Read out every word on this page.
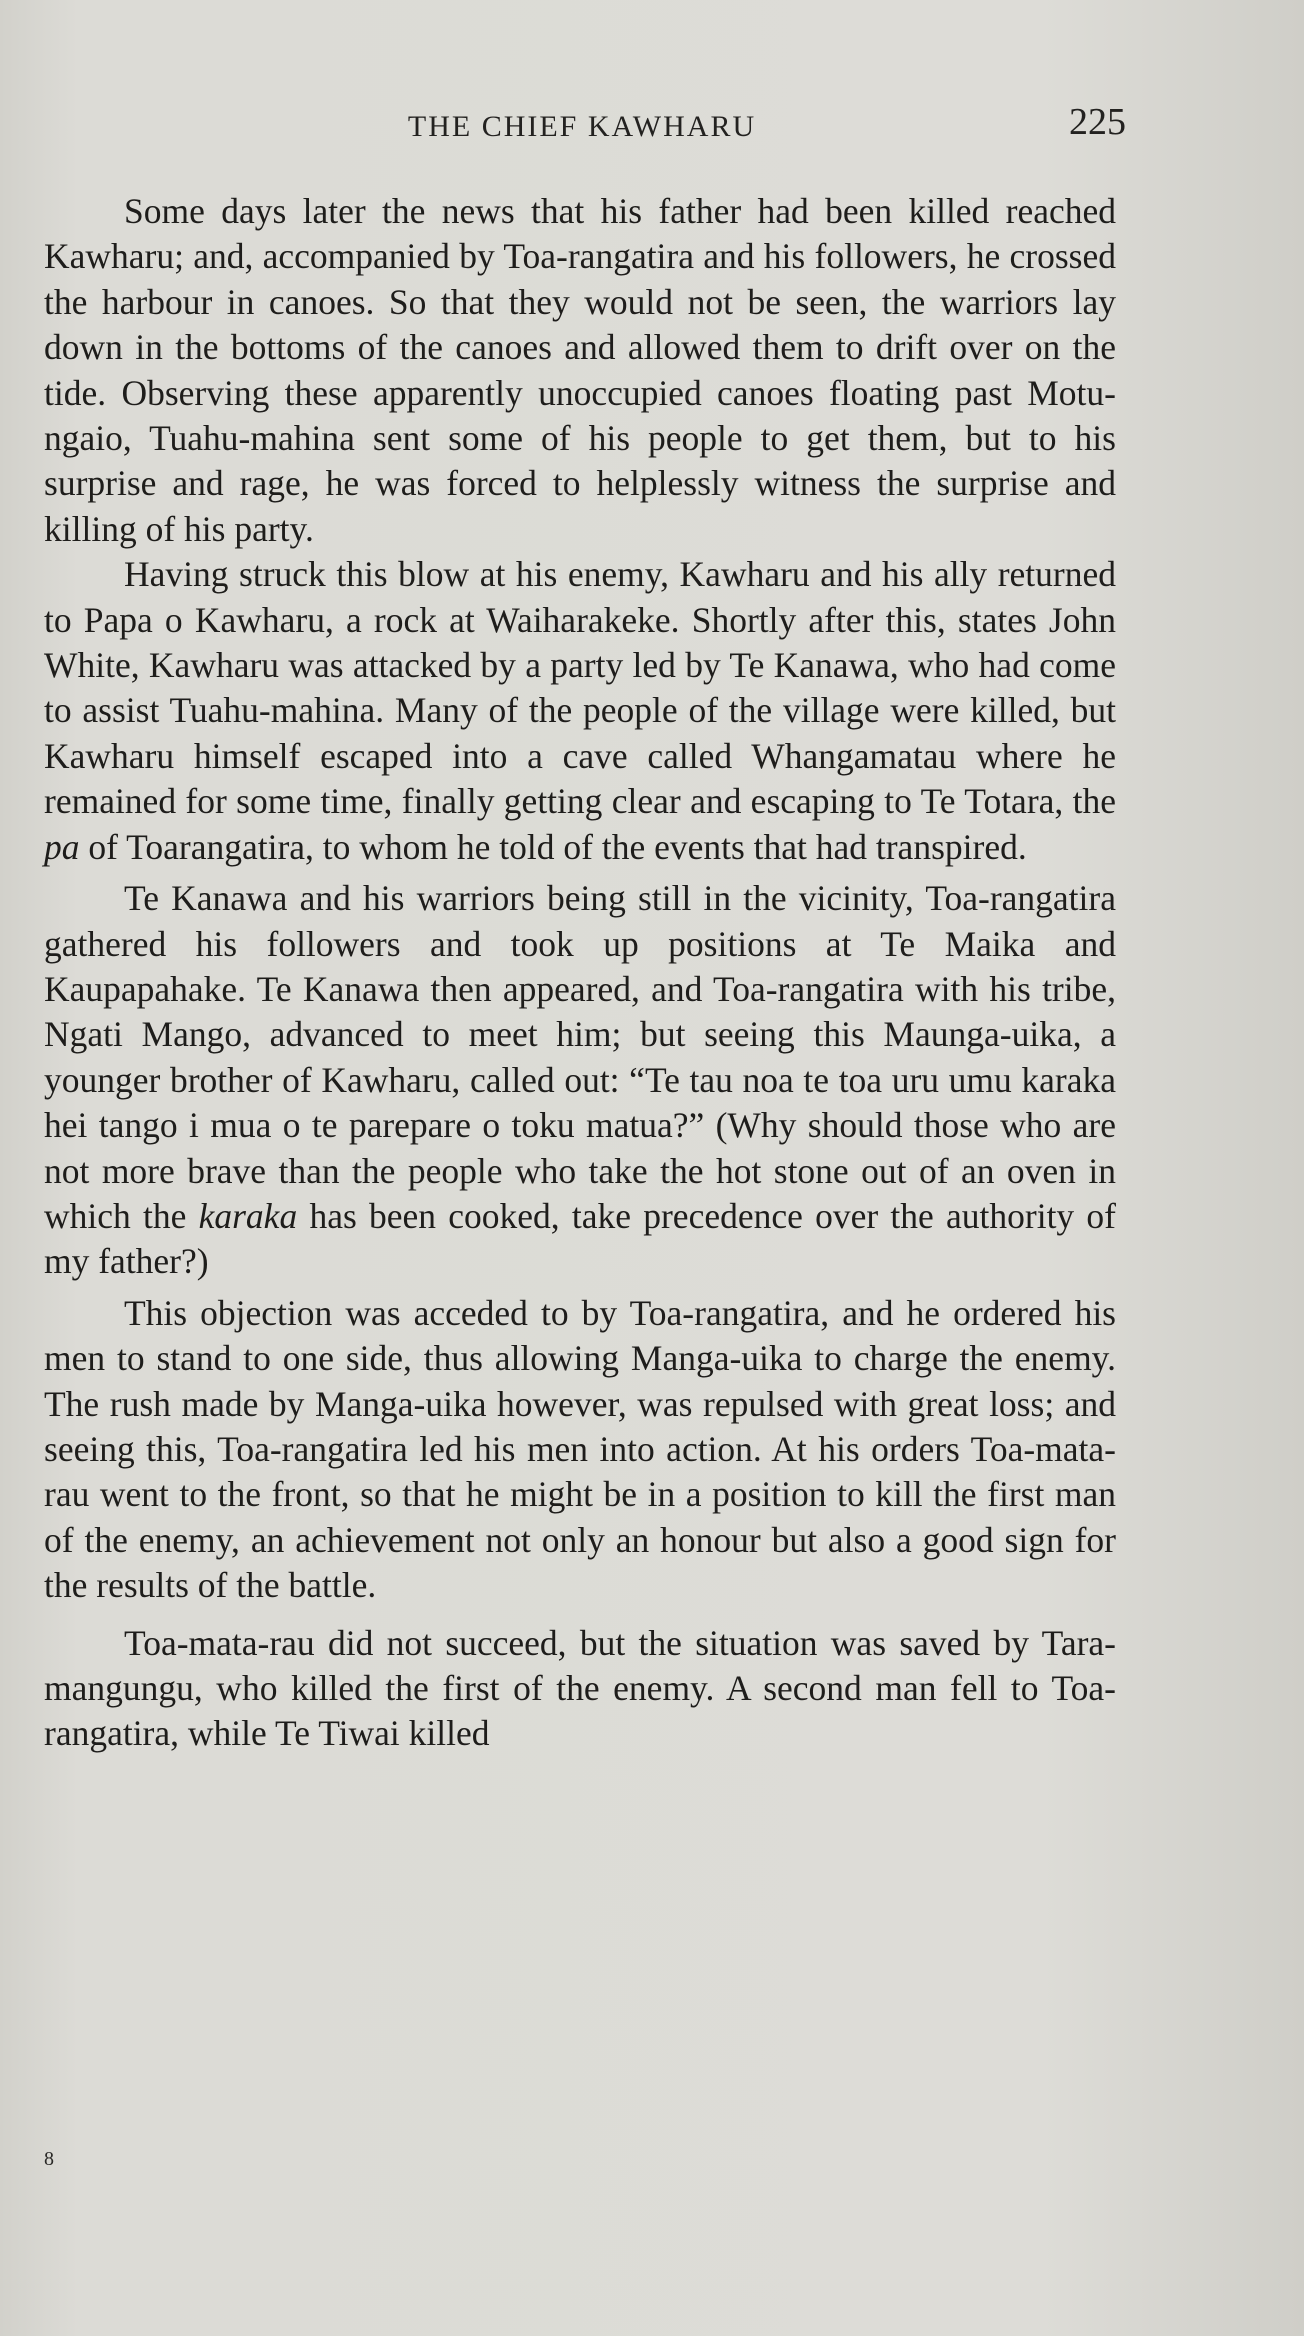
THE CHIEF KAWHARU	225

Some days later the news that his father had been killed reached Kawharu; and, accompanied by Toa-rangatira and his followers, he crossed the harbour in canoes. So that they would not be seen, the warriors lay down in the bottoms of the canoes and allowed them to drift over on the tide. Observing these apparently unoccupied canoes floating past Motu-ngaio, Tuahu-mahina sent some of his people to get them, but to his surprise and rage, he was forced to helplessly witness the surprise and killing of his party.

Having struck this blow at his enemy, Kawharu and his ally returned to Papa o Kawharu, a rock at Waiharakeke. Shortly after this, states John White, Kawharu was attacked by a party led by Te Kanawa, who had come to assist Tuahu-mahina. Many of the people of the village were killed, but Kawharu himself escaped into a cave called Whangamatau where he remained for some time, finally getting clear and escaping to Te Totara, the pa of Toarangatira, to whom he told of the events that had transpired.

Te Kanawa and his warriors being still in the vicinity, Toa-rangatira gathered his followers and took up positions at Te Maika and Kaupapahake. Te Kanawa then appeared, and Toa-rangatira with his tribe, Ngati Mango, advanced to meet him; but seeing this Maunga-uika, a younger brother of Kawharu, called out: “Te tau noa te toa uru umu karaka hei tango i mua o te parepare o toku matua?” (Why should those who are not more brave than the people who take the hot stone out of an oven in which the karaka has been cooked, take precedence over the authority of my father?)

This objection was acceded to by Toa-rangatira, and he ordered his men to stand to one side, thus allowing Manga-uika to charge the enemy. The rush made by Manga-uika however, was repulsed with great loss; and seeing this, Toa-rangatira led his men into action. At his orders Toa-mata-rau went to the front, so that he might be in a position to kill the first man of the enemy, an achievement not only an honour but also a good sign for the results of the battle.

Toa-mata-rau did not succeed, but the situation was saved by Tara-mangungu, who killed the first of the enemy. A second man fell to Toa-rangatira, while Te Tiwai killed

8
